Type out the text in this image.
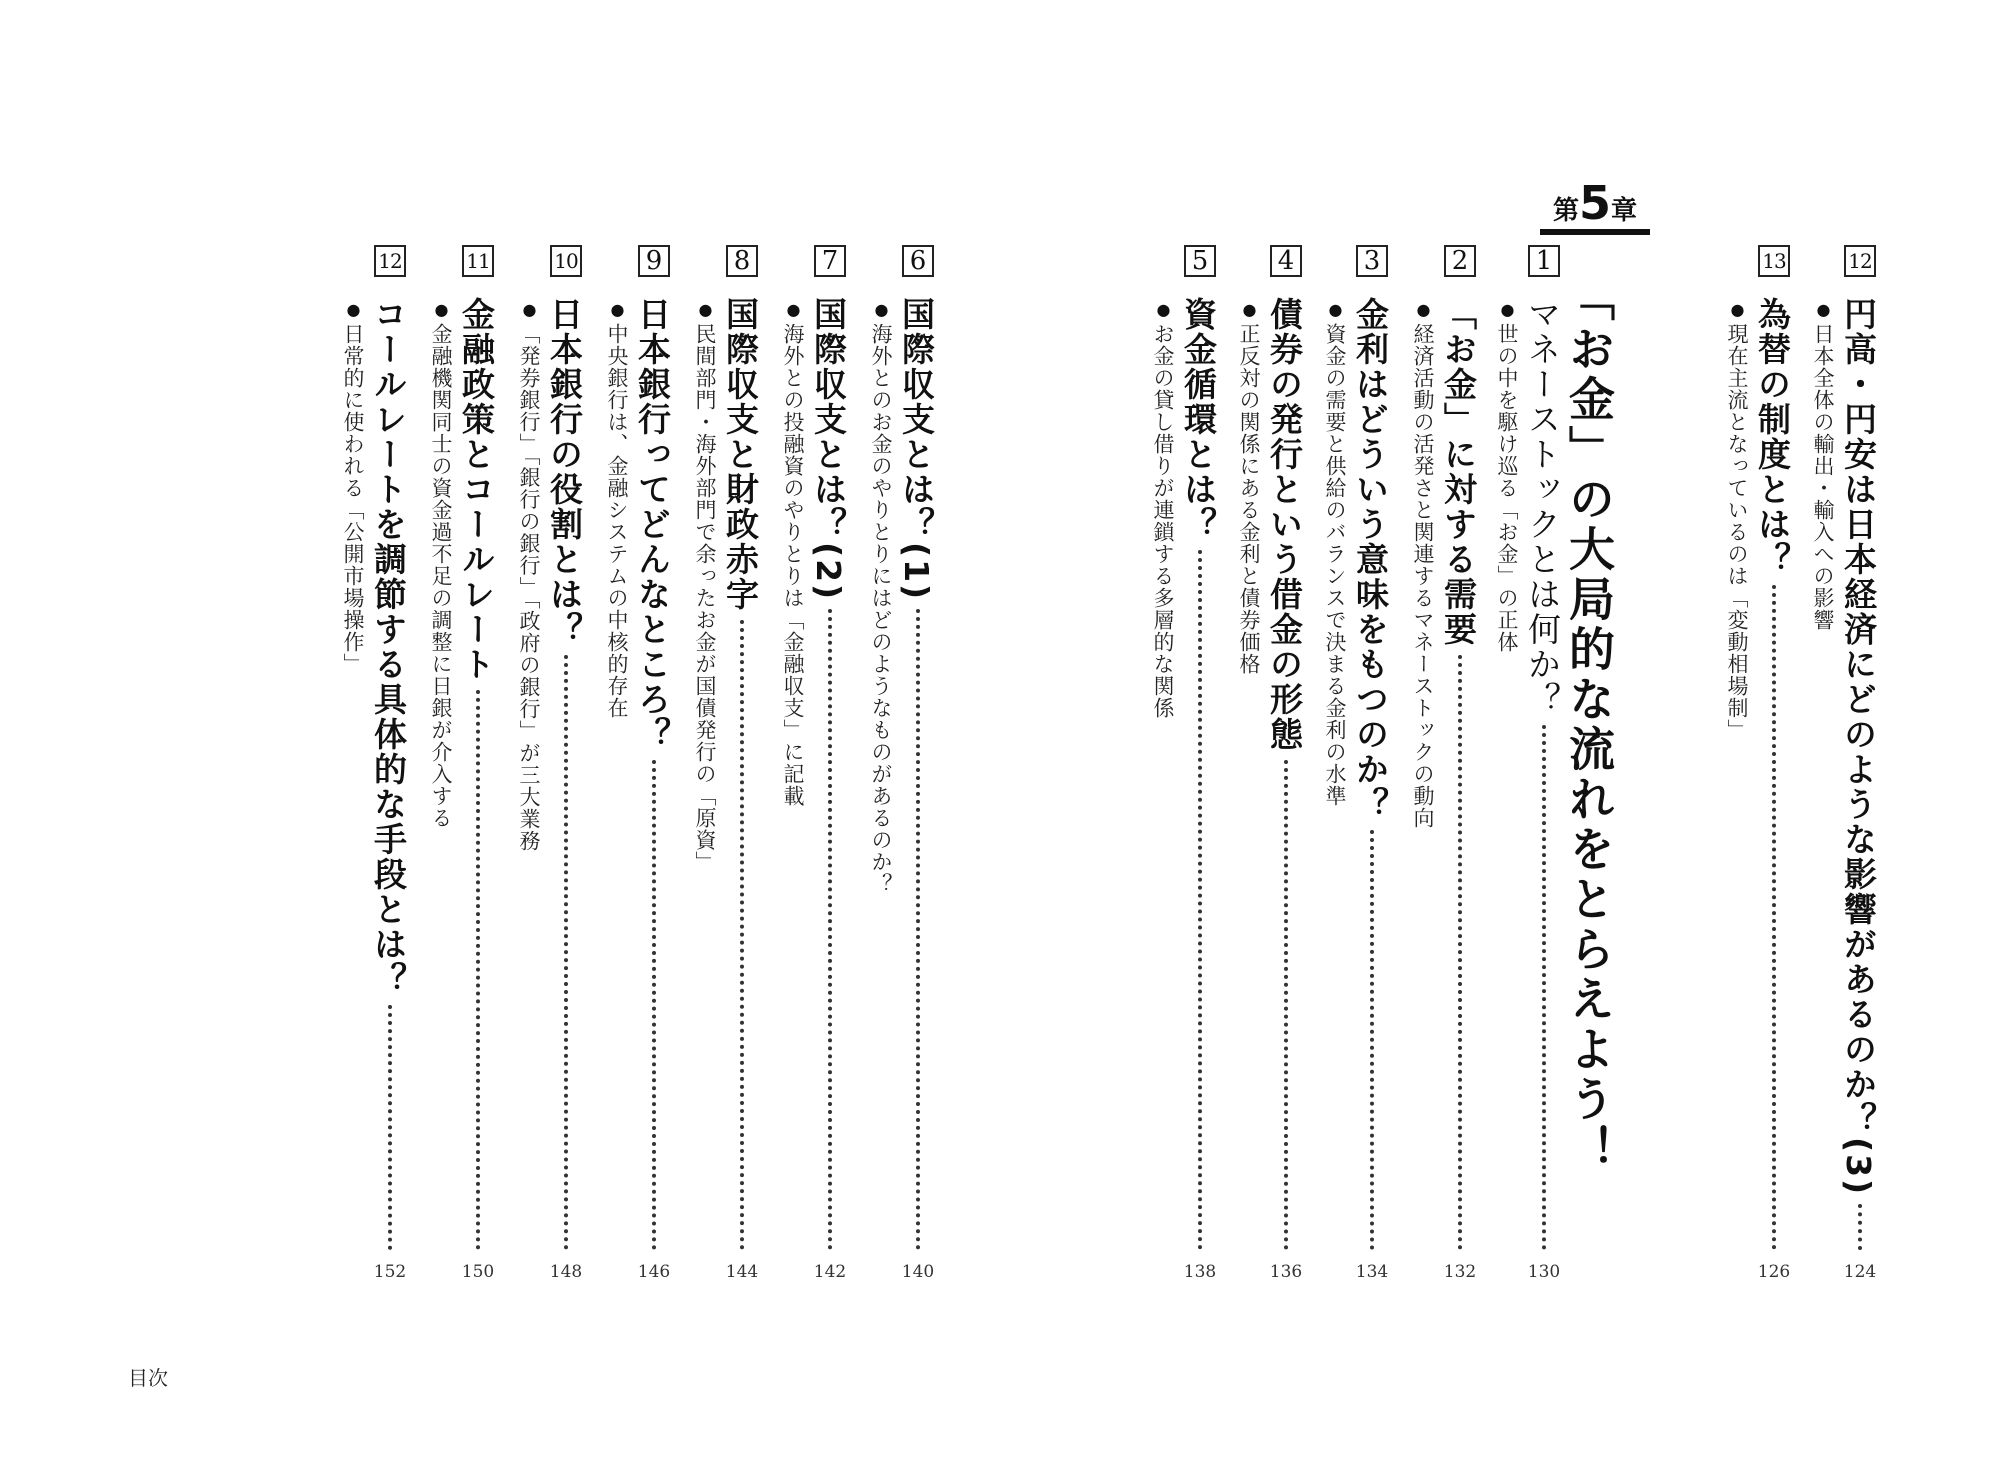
第5章
「お金」の大局的な流れをとらえよう！
12
円高・円安は日本経済にどのような影響があるのか？(3)
●日本全体の輸出・輸入への影響
124
13
為替の制度とは？
●現在主流となっているのは「変動相場制」
126
1
マネーストックとは何か？
●世の中を駆け巡る「お金」の正体
130
2
「お金」に対する需要
●経済活動の活発さと関連するマネーストックの動向
132
3
金利はどういう意味をもつのか？
●資金の需要と供給のバランスで決まる金利の水準
134
4
債券の発行という借金の形態
●正反対の関係にある金利と債券価格
136
5
資金循環とは？
●お金の貸し借りが連鎖する多層的な関係
138
6
国際収支とは？(1)
●海外とのお金のやりとりにはどのようなものがあるのか？
140
7
国際収支とは？(2)
●海外との投融資のやりとりは「金融収支」に記載
142
8
国際収支と財政赤字
●民間部門・海外部門で余ったお金が国債発行の「原資」
144
9
日本銀行ってどんなところ？
●中央銀行は、金融システムの中核的存在
146
10
日本銀行の役割とは？
●「発券銀行」「銀行の銀行」「政府の銀行」が三大業務
148
11
金融政策とコールレート
●金融機関同士の資金過不足の調整に日銀が介入する
150
12
コールレートを調節する具体的な手段とは？
●日常的に使われる「公開市場操作」
152
目次
